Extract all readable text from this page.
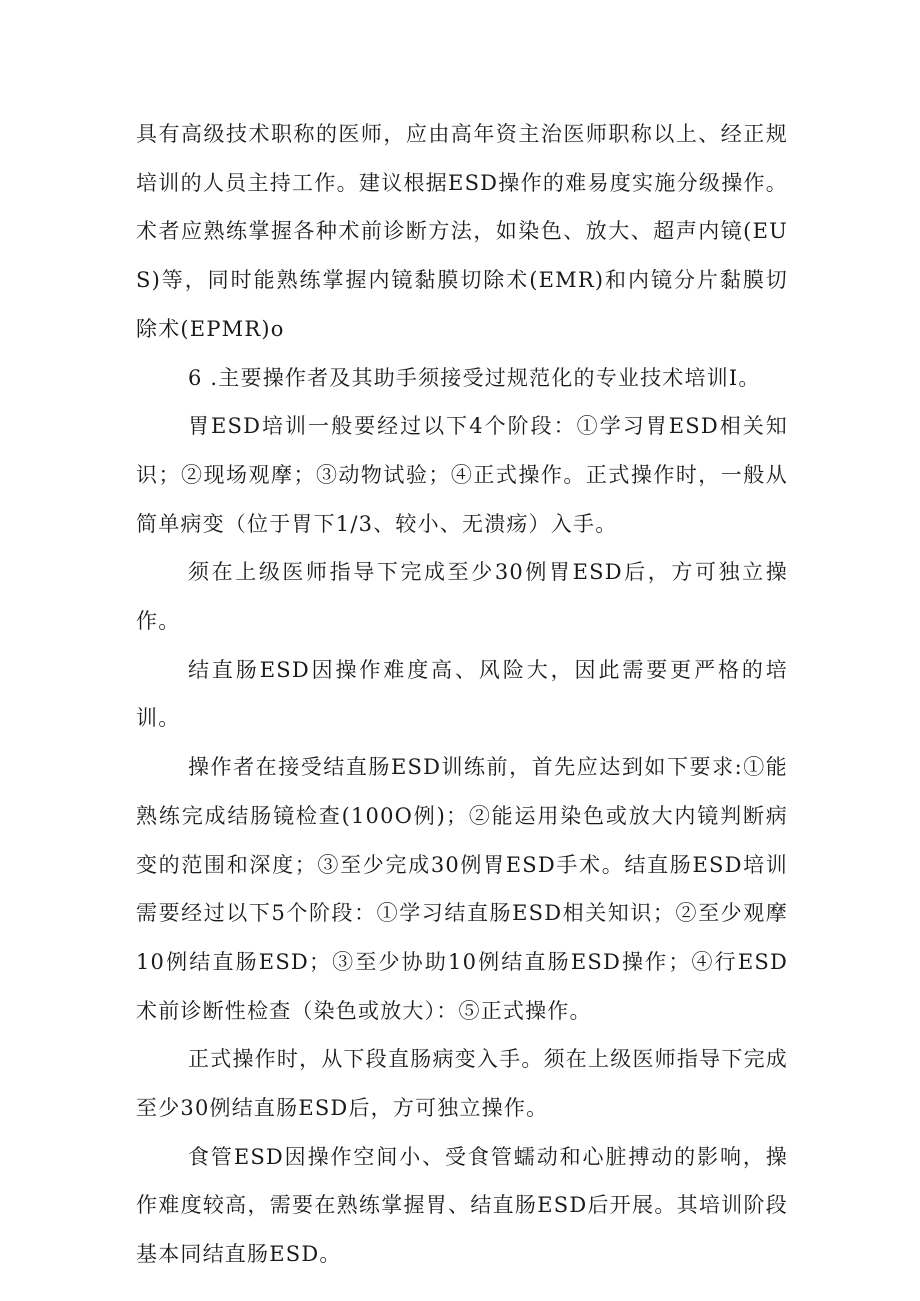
具有高级技术职称的医师，应由高年资主治医师职称以上、经正规培训的人员主持工作。建议根据ESD操作的难易度实施分级操作。术者应熟练掌握各种术前诊断方法，如染色、放大、超声内镜(EUS)等，同时能熟练掌握内镜黏膜切除术(EMR)和内镜分片黏膜切除术(EPMR)o

6 .主要操作者及其助手须接受过规范化的专业技术培训I。

胃ESD培训一般要经过以下4个阶段：①学习胃ESD相关知识；②现场观摩；③动物试验；④正式操作。正式操作时，一般从简单病变（位于胃下1/3、较小、无溃疡）入手。

须在上级医师指导下完成至少30例胃ESD后，方可独立操作。

结直肠ESD因操作难度高、风险大，因此需要更严格的培训。

操作者在接受结直肠ESD训练前，首先应达到如下要求:①能熟练完成结肠镜检查(100O例)；②能运用染色或放大内镜判断病变的范围和深度；③至少完成30例胃ESD手术。结直肠ESD培训需要经过以下5个阶段：①学习结直肠ESD相关知识；②至少观摩10例结直肠ESD；③至少协助10例结直肠ESD操作；④行ESD术前诊断性检查（染色或放大）：⑤正式操作。

正式操作时，从下段直肠病变入手。须在上级医师指导下完成至少30例结直肠ESD后，方可独立操作。

食管ESD因操作空间小、受食管蠕动和心脏搏动的影响，操作难度较高，需要在熟练掌握胃、结直肠ESD后开展。其培训阶段基本同结直肠ESD。
